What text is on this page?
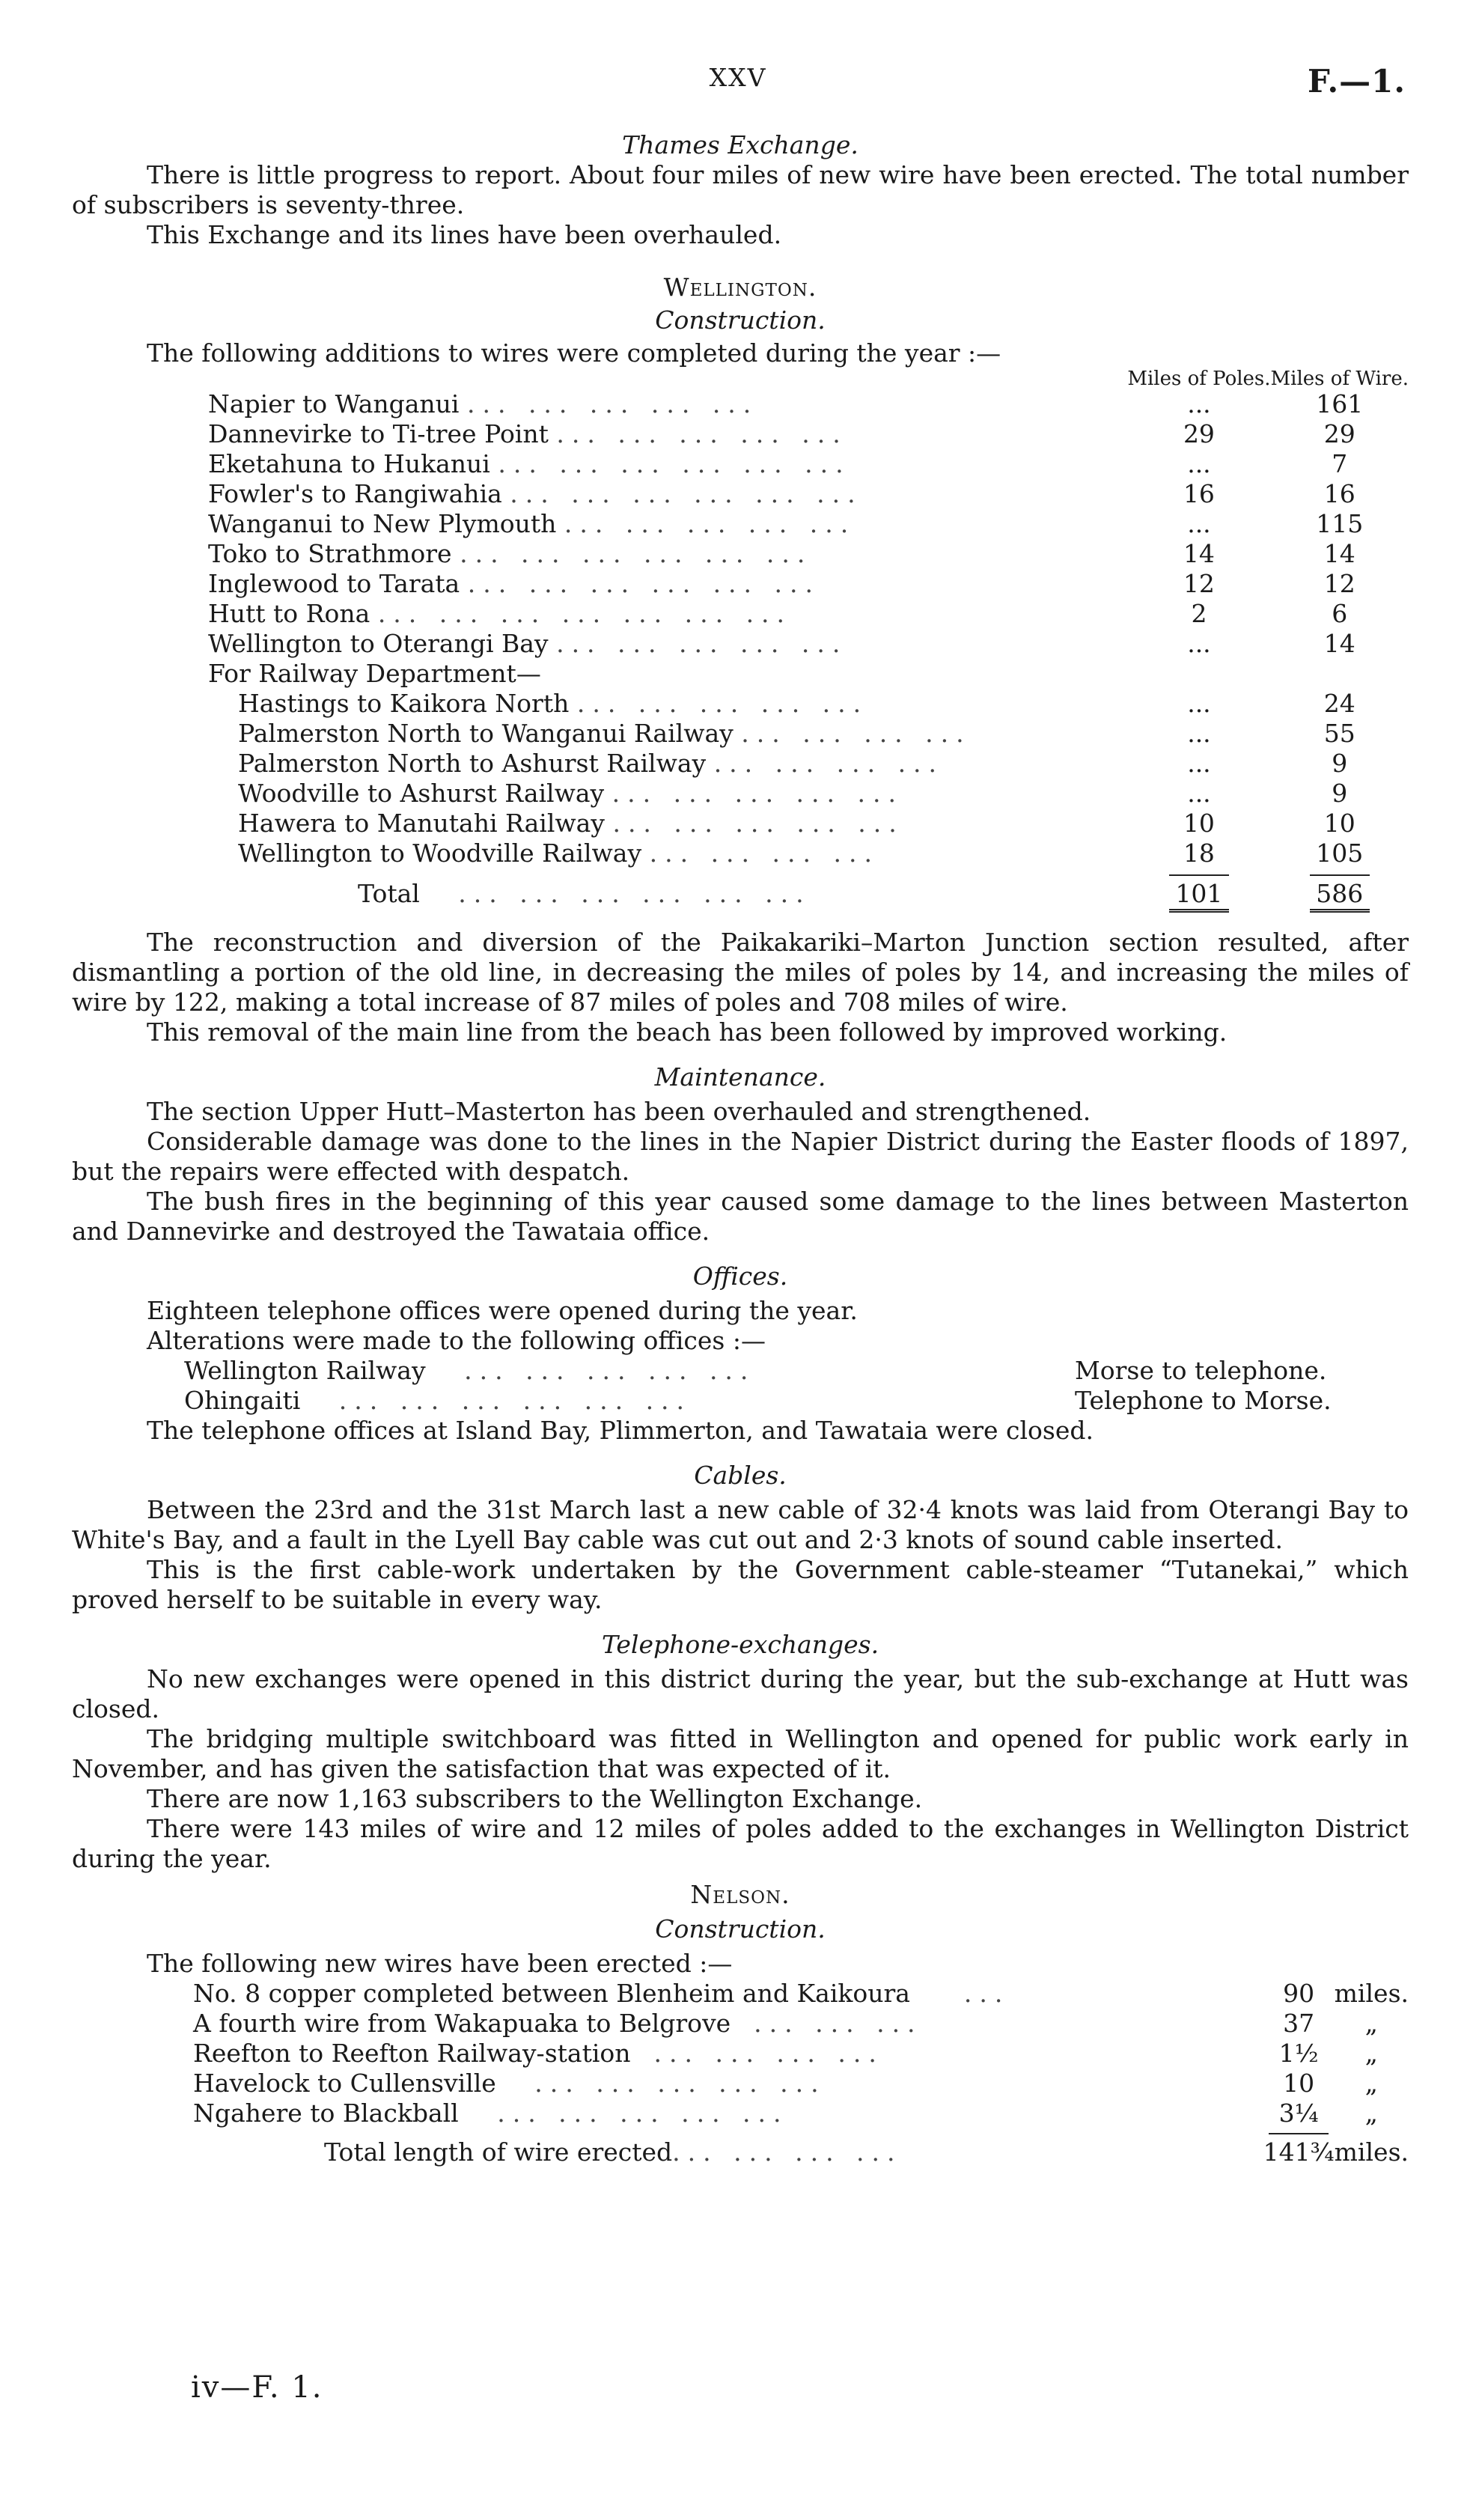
XXV	F.—1.
Thames Exchange.

There is little progress to report. About four miles of new wire have been erected. The total number of subscribers is seventy-three.

This Exchange and its lines have been overhauled.

Wellington.
Construction.

The following additions to wires were completed during the year :—

	Miles of Poles.	Miles of Wire.
Napier to Wanganui ... ... ... ... ...	...	161
Dannevirke to Ti-tree Point ... ... ... ... ...	29	29
Eketahuna to Hukanui ... ... ... ... ... ...	...	7
Fowler's to Rangiwahia ... ... ... ... ... ...	16	16
Wanganui to New Plymouth ... ... ... ... ...	...	115
Toko to Strathmore ... ... ... ... ... ...	14	14
Inglewood to Tarata ... ... ... ... ... ...	12	12
Hutt to Rona ... ... ... ... ... ... ...	2	6
Wellington to Oterangi Bay ... ... ... ... ...	...	14
For Railway Department—		
Hastings to Kaikora North ... ... ... ... ...	...	24
Palmerston North to Wanganui Railway ... ... ... ...	...	55
Palmerston North to Ashurst Railway ... ... ... ...	...	9
Woodville to Ashurst Railway ... ... ... ... ...	...	9
Hawera to Manutahi Railway ... ... ... ... ...	10	10
Wellington to Woodville Railway ... ... ... ...	18	105

Total   ... ... ... ... ... ...	101	586

The reconstruction and diversion of the Paikakariki–Marton Junction section resulted, after dismantling a portion of the old line, in decreasing the miles of poles by 14, and increasing the miles of wire by 122, making a total increase of 87 miles of poles and 708 miles of wire.

This removal of the main line from the beach has been followed by improved working.

Maintenance.

The section Upper Hutt–Masterton has been overhauled and strengthened.

Considerable damage was done to the lines in the Napier District during the Easter floods of 1897, but the repairs were effected with despatch.

The bush fires in the beginning of this year caused some damage to the lines between Masterton and Dannevirke and destroyed the Tawataia office.

Offices.

Eighteen telephone offices were opened during the year.

Alterations were made to the following offices :—

Wellington Railway   ... ... ... ... ...	Morse to telephone.
Ohingaiti   ... ... ... ... ... ...	Telephone to Morse.

The telephone offices at Island Bay, Plimmerton, and Tawataia were closed.

Cables.

Between the 23rd and the 31st March last a new cable of 32·4 knots was laid from Oterangi Bay to White's Bay, and a fault in the Lyell Bay cable was cut out and 2·3 knots of sound cable inserted.

This is the first cable-work undertaken by the Government cable-steamer “Tutanekai,” which proved herself to be suitable in every way.

Telephone-exchanges.

No new exchanges were opened in this district during the year, but the sub-exchange at Hutt was closed.

The bridging multiple switchboard was fitted in Wellington and opened for public work early in November, and has given the satisfaction that was expected of it.

There are now 1,163 subscribers to the Wellington Exchange.

There were 143 miles of wire and 12 miles of poles added to the exchanges in Wellington District during the year.

Nelson.
Construction.

The following new wires have been erected :—

No. 8 copper completed between Blenheim and Kaikoura    ...	90	miles.
A fourth wire from Wakapuaka to Belgrove  ... ... ...	37	„
Reefton to Reefton Railway-station  ... ... ... ...	1½	„
Havelock to Cullensville   ... ... ... ... ...	10	„
Ngahere to Blackball   ... ... ... ... ...	3¼	„

Total length of wire erected... ... ... ...	141¾	miles.
iv—F. 1.
